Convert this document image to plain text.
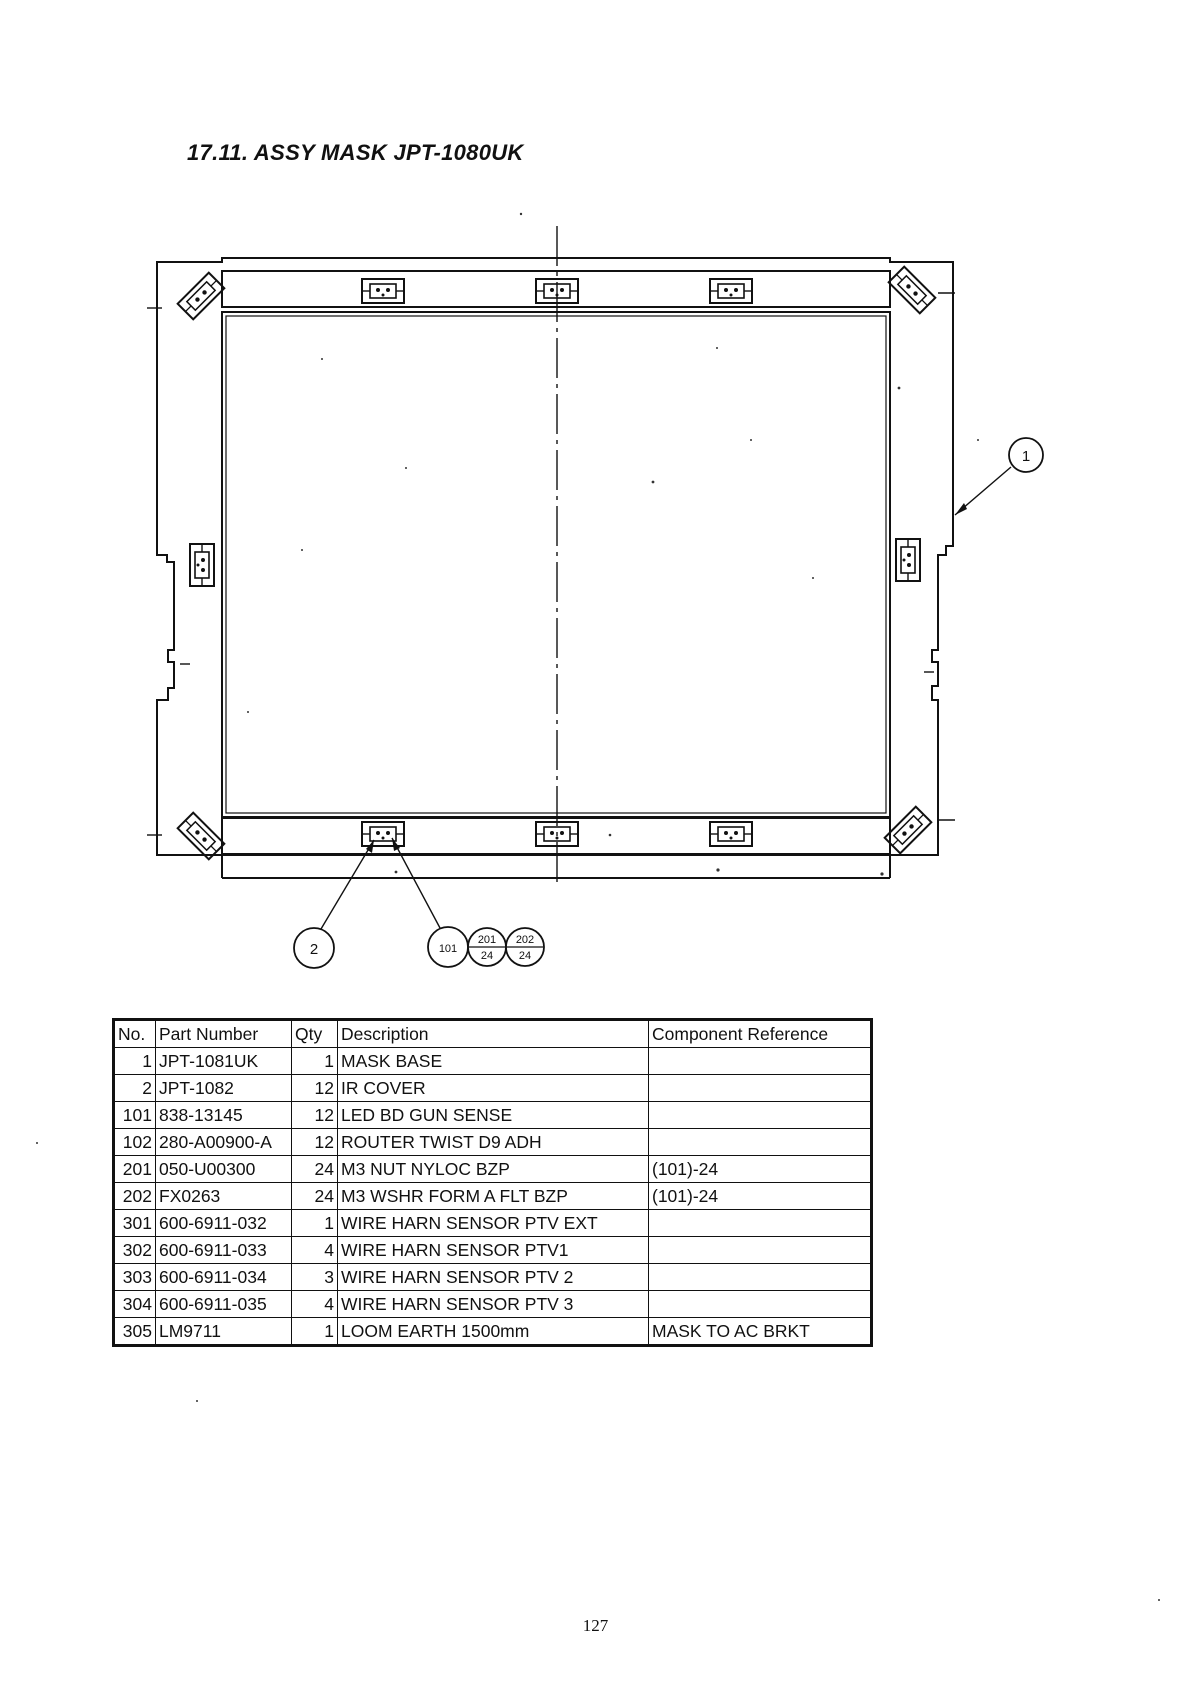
17.11. ASSY MASK JPT-1080UK
1
2	101
201
24
202
24
No.	Part Number	Qty	Description	Component Reference
1	JPT-1081UK	1	MASK BASE	
2	JPT-1082	12	IR COVER	
101	838-13145	12	LED BD GUN SENSE	
102	280-A00900-A	12	ROUTER TWIST D9 ADH	
201	050-U00300	24	M3 NUT NYLOC BZP	(101)-24
202	FX0263	24	M3 WSHR FORM A FLT BZP	(101)-24
301	600-6911-032	1	WIRE HARN SENSOR PTV EXT	
302	600-6911-033	4	WIRE HARN SENSOR PTV1	
303	600-6911-034	3	WIRE HARN SENSOR PTV 2	
304	600-6911-035	4	WIRE HARN SENSOR PTV 3	
305	LM9711	1	LOOM EARTH 1500mm	MASK TO AC BRKT
127
